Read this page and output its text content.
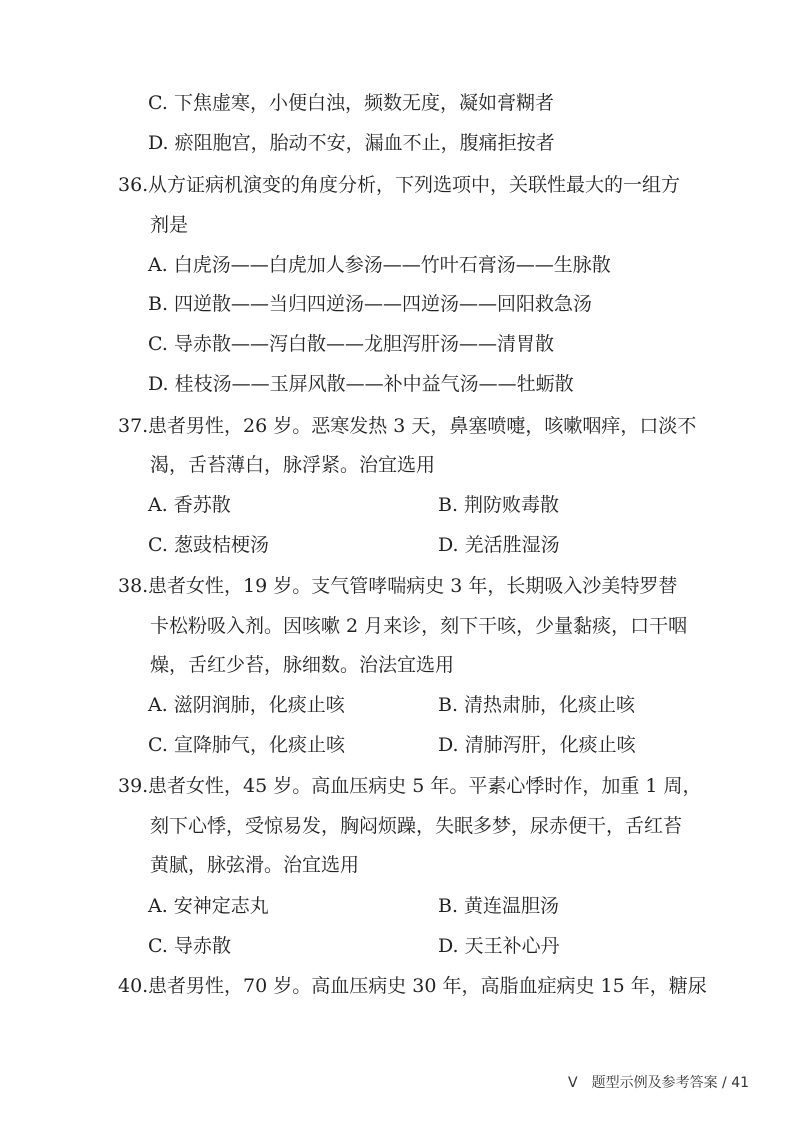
C. 下焦虚寒，小便白浊，频数无度，凝如膏糊者
D. 瘀阻胞宫，胎动不安，漏血不止，腹痛拒按者
36.从方证病机演变的角度分析，下列选项中，关联性最大的一组方
剂是
A. 白虎汤——白虎加人参汤——竹叶石膏汤——生脉散
B. 四逆散——当归四逆汤——四逆汤——回阳救急汤
C. 导赤散——泻白散——龙胆泻肝汤——清胃散
D. 桂枝汤——玉屏风散——补中益气汤——牡蛎散
37.患者男性，26 岁。恶寒发热 3 天，鼻塞喷嚏，咳嗽咽痒，口淡不
渴，舌苔薄白，脉浮紧。治宜选用
A. 香苏散	B. 荆防败毒散
C. 葱豉桔梗汤	D. 羌活胜湿汤
38.患者女性，19 岁。支气管哮喘病史 3 年，长期吸入沙美特罗替
卡松粉吸入剂。因咳嗽 2 月来诊，刻下干咳，少量黏痰，口干咽
燥，舌红少苔，脉细数。治法宜选用
A. 滋阴润肺，化痰止咳	B. 清热肃肺，化痰止咳
C. 宣降肺气，化痰止咳	D. 清肺泻肝，化痰止咳
39.患者女性，45 岁。高血压病史 5 年。平素心悸时作，加重 1 周，
刻下心悸，受惊易发，胸闷烦躁，失眠多梦，尿赤便干，舌红苔
黄腻，脉弦滑。治宜选用
A. 安神定志丸	B. 黄连温胆汤
C. 导赤散	D. 天王补心丹
40.患者男性，70 岁。高血压病史 30 年，高脂血症病史 15 年，糖尿
V　题型示例及参考答案 / 41
